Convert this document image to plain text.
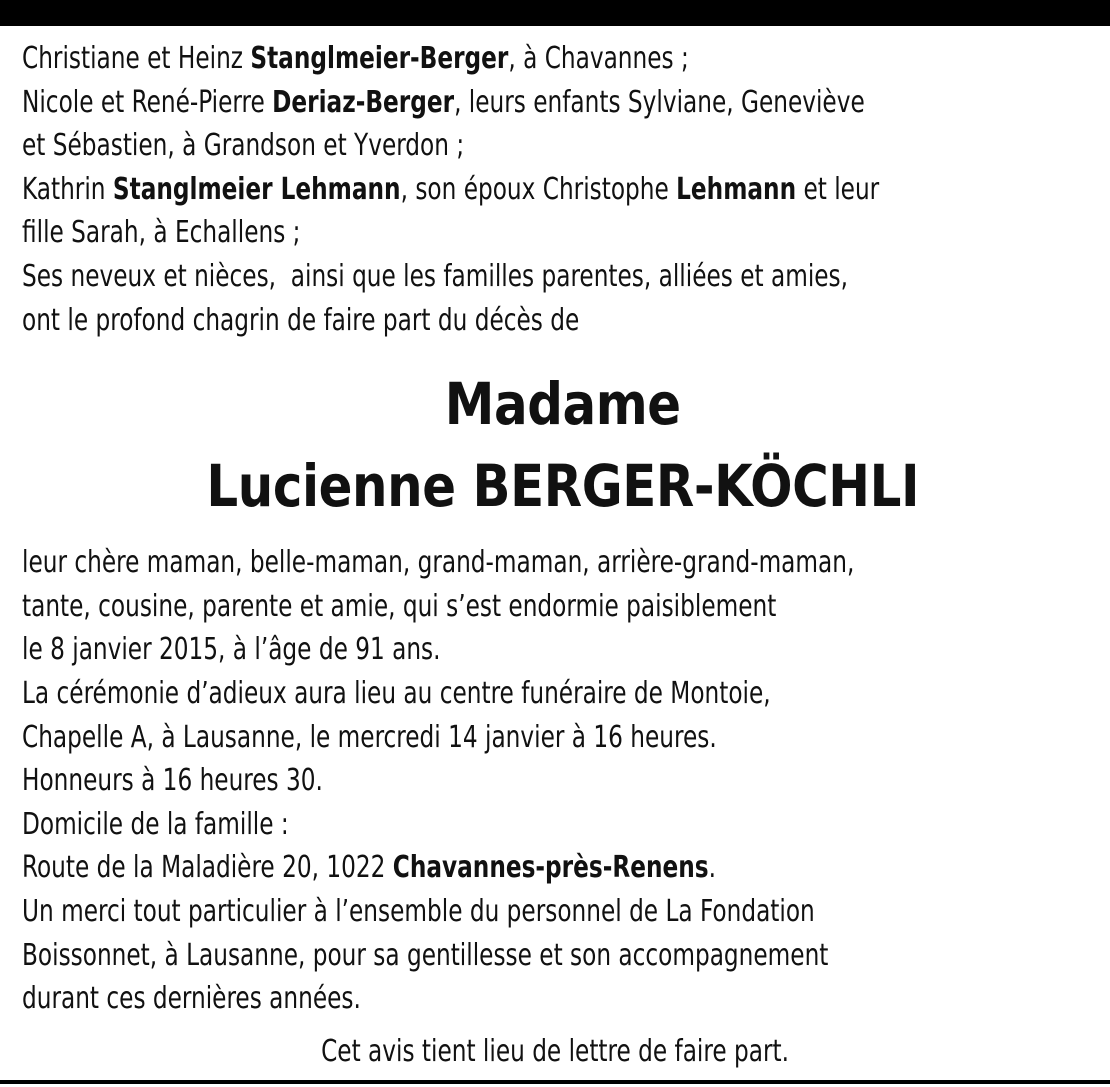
Christiane et Heinz Stanglmeier-Berger, à Chavannes ;
Nicole et René-Pierre Deriaz-Berger, leurs enfants Sylviane, Geneviève
et Sébastien, à Grandson et Yverdon ;
Kathrin Stanglmeier Lehmann, son époux Christophe Lehmann et leur
fille Sarah, à Echallens ;
Ses neveux et nièces,  ainsi que les familles parentes, alliées et amies,
ont le profond chagrin de faire part du décès de
Madame
Lucienne BERGER-KÖCHLI
leur chère maman, belle-maman, grand-maman, arrière-grand-maman,
tante, cousine, parente et amie, qui s’est endormie paisiblement
le 8 janvier 2015, à l’âge de 91 ans.
La cérémonie d’adieux aura lieu au centre funéraire de Montoie,
Chapelle A, à Lausanne, le mercredi 14 janvier à 16 heures.
Honneurs à 16 heures 30.
Domicile de la famille :
Route de la Maladière 20, 1022 Chavannes-près-Renens.
Un merci tout particulier à l’ensemble du personnel de La Fondation
Boissonnet, à Lausanne, pour sa gentillesse et son accompagnement
durant ces dernières années.
Cet avis tient lieu de lettre de faire part.
